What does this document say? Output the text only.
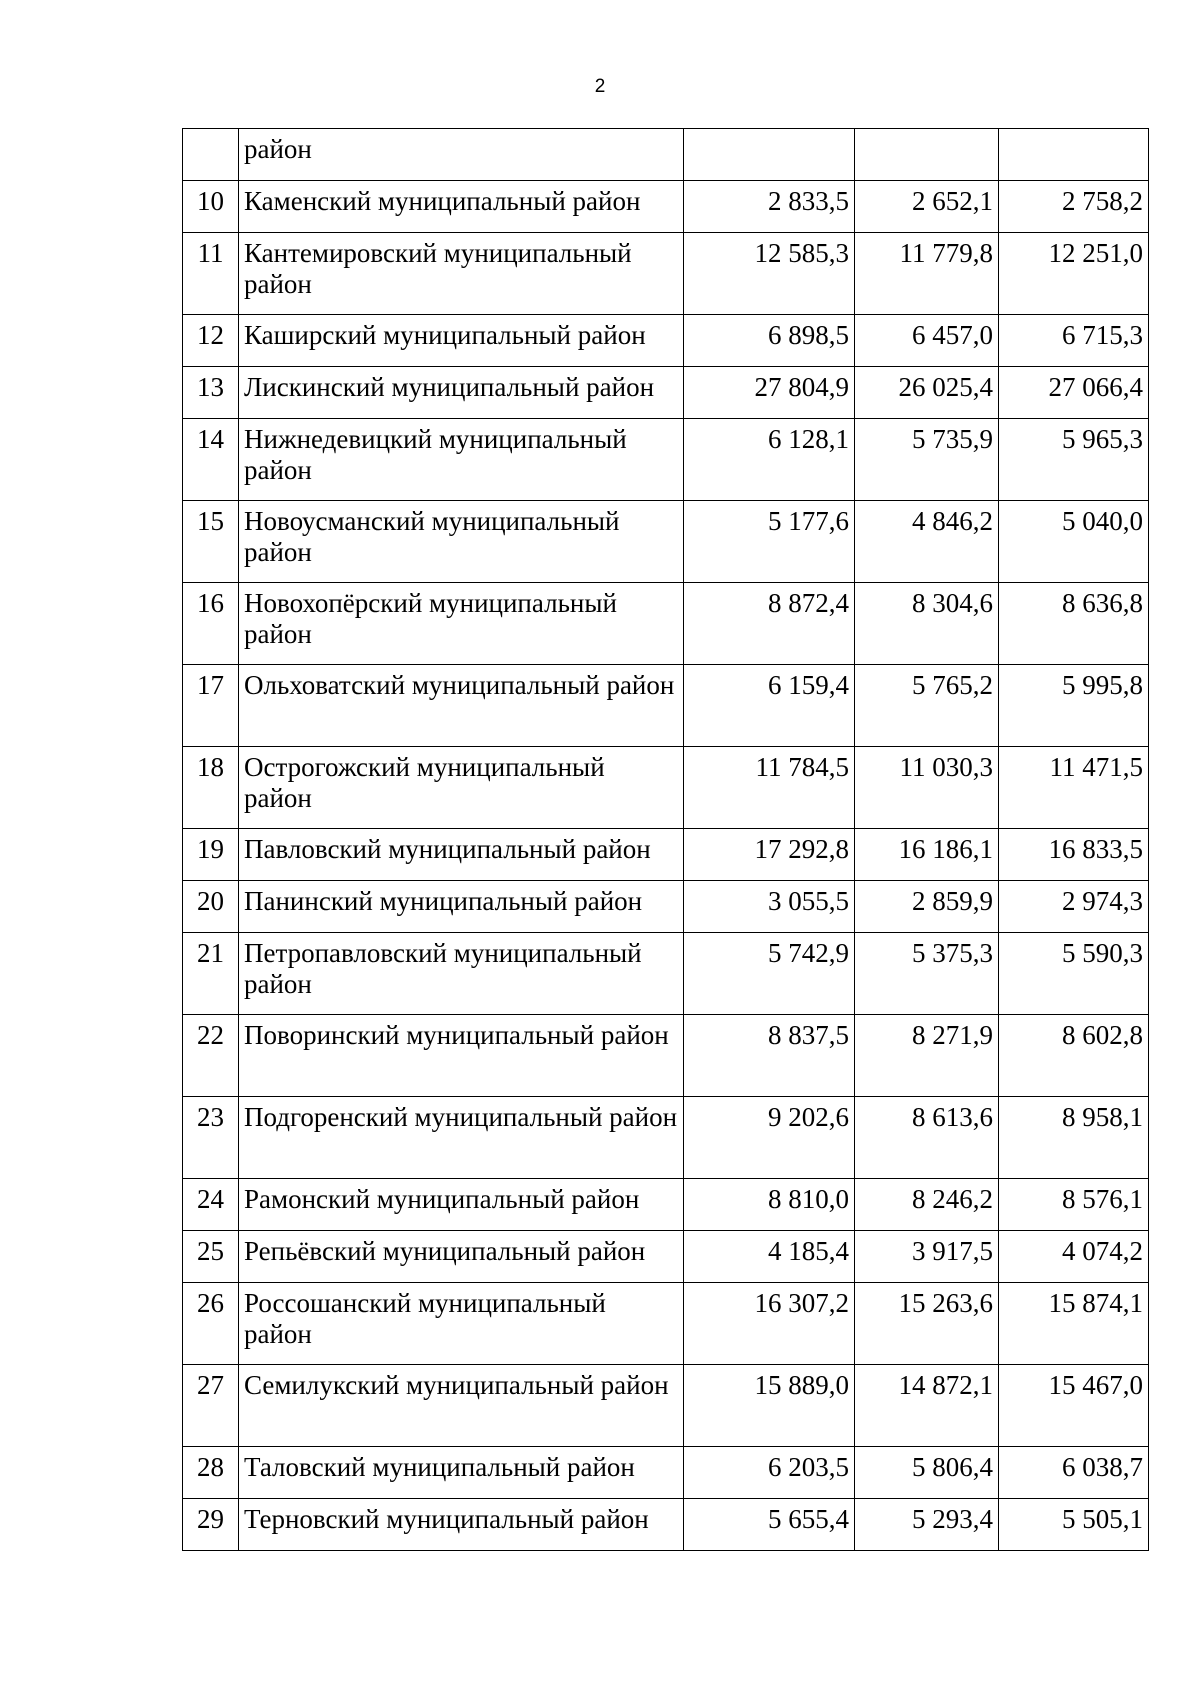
2
	район			
10	Каменский муниципальный район	2 833,5	2 652,1	2 758,2
11	Кантемировский муниципальный район	12 585,3	11 779,8	12 251,0
12	Каширский муниципальный район	6 898,5	6 457,0	6 715,3
13	Лискинский муниципальный район	27 804,9	26 025,4	27 066,4
14	Нижнедевицкий муниципальный район	6 128,1	5 735,9	5 965,3
15	Новоусманский муниципальный район	5 177,6	4 846,2	5 040,0
16	Новохопёрский муниципальный район	8 872,4	8 304,6	8 636,8
17	Ольховатский муниципальный район	6 159,4	5 765,2	5 995,8
18	Острогожский муниципальный район	11 784,5	11 030,3	11 471,5
19	Павловский муниципальный район	17 292,8	16 186,1	16 833,5
20	Панинский муниципальный район	3 055,5	2 859,9	2 974,3
21	Петропавловский муниципальный район	5 742,9	5 375,3	5 590,3
22	Поворинский муниципальный район	8 837,5	8 271,9	8 602,8
23	Подгоренский муниципальный район	9 202,6	8 613,6	8 958,1
24	Рамонский муниципальный район	8 810,0	8 246,2	8 576,1
25	Репьёвский муниципальный район	4 185,4	3 917,5	4 074,2
26	Россошанский муниципальный район	16 307,2	15 263,6	15 874,1
27	Семилукский муниципальный район	15 889,0	14 872,1	15 467,0
28	Таловский муниципальный район	6 203,5	5 806,4	6 038,7
29	Терновский муниципальный район	5 655,4	5 293,4	5 505,1
